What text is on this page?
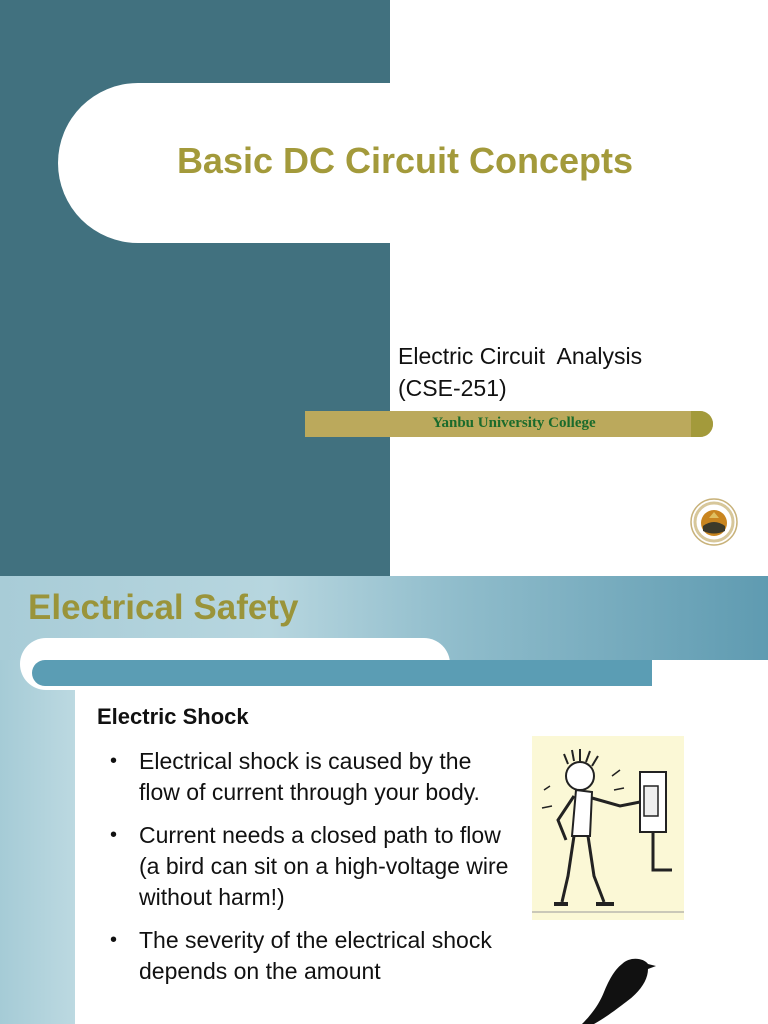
Basic DC Circuit Concepts
Electric Circuit  Analysis
(CSE-251)
Yanbu University College
Electrical Safety
Electric Shock
• Electrical shock is caused by the flow of current through your body.
• Current needs a closed path to flow (a bird can sit on a high-voltage wire without harm!)
• The severity of the electrical shock depends on the amount
